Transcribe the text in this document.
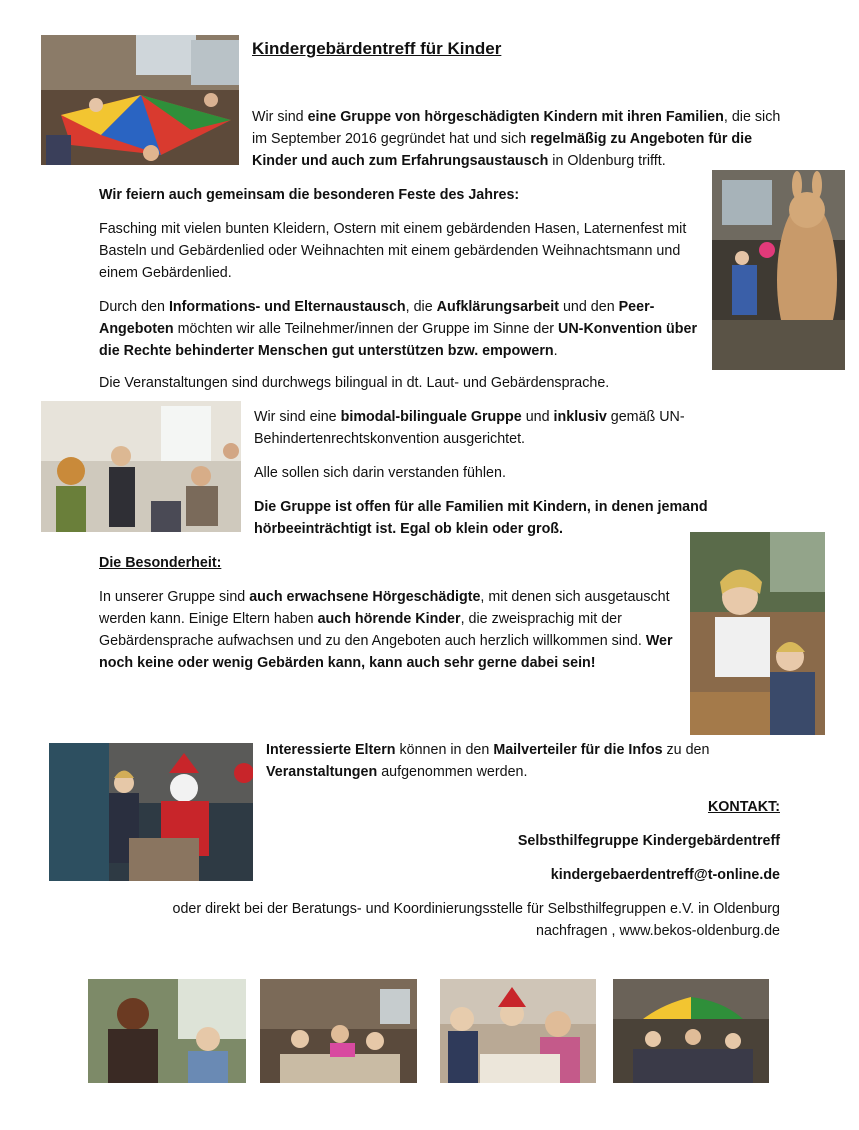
Kindergebärdentreff für Kinder

Wir sind eine Gruppe von hörgeschädigten Kindern mit ihren Familien, die sich im September 2016 gegründet hat und sich regelmäßig zu Angeboten für die Kinder und auch zum Erfahrungsaustausch in Oldenburg trifft.

Wir feiern auch gemeinsam die besonderen Feste des Jahres:

Fasching mit vielen bunten Kleidern, Ostern mit einem gebärdenden Hasen, Laternenfest mit Basteln und Gebärdenlied oder Weihnachten mit einem gebärdenden Weihnachtsmann und einem Gebärdenlied.

Durch den Informations- und Elternaustausch, die Aufklärungsarbeit und den Peer-Angeboten möchten wir alle Teilnehmer/innen der Gruppe im Sinne der UN-Konvention über die Rechte behinderter Menschen gut unterstützen bzw. empowern.

Die Veranstaltungen sind durchwegs bilingual in dt. Laut- und Gebärdensprache.

Wir sind eine bimodal-bilinguale Gruppe und inklusiv gemäß UN-Behindertenrechtskonvention ausgerichtet.

Alle sollen sich darin verstanden fühlen.

Die Gruppe ist offen für alle Familien mit Kindern, in denen jemand hörbeeinträchtigt ist. Egal ob klein oder groß.

Die Besonderheit:

In unserer Gruppe sind auch erwachsene Hörgeschädigte, mit denen sich ausgetauscht werden kann. Einige Eltern haben auch hörende Kinder, die zweisprachig mit der Gebärdensprache aufwachsen und zu den Angeboten auch herzlich willkommen sind. Wer noch keine oder wenig Gebärden kann, kann auch sehr gerne dabei sein!

Interessierte Eltern können in den Mailverteiler für die Infos zu den Veranstaltungen aufgenommen werden.

KONTAKT:

Selbsthilfegruppe Kindergebärdentreff

kindergebaerdentreff@t-online.de

oder direkt bei der Beratungs- und Koordinierungsstelle für Selbsthilfegruppen e.V. in Oldenburg

nachfragen , www.bekos-oldenburg.de
